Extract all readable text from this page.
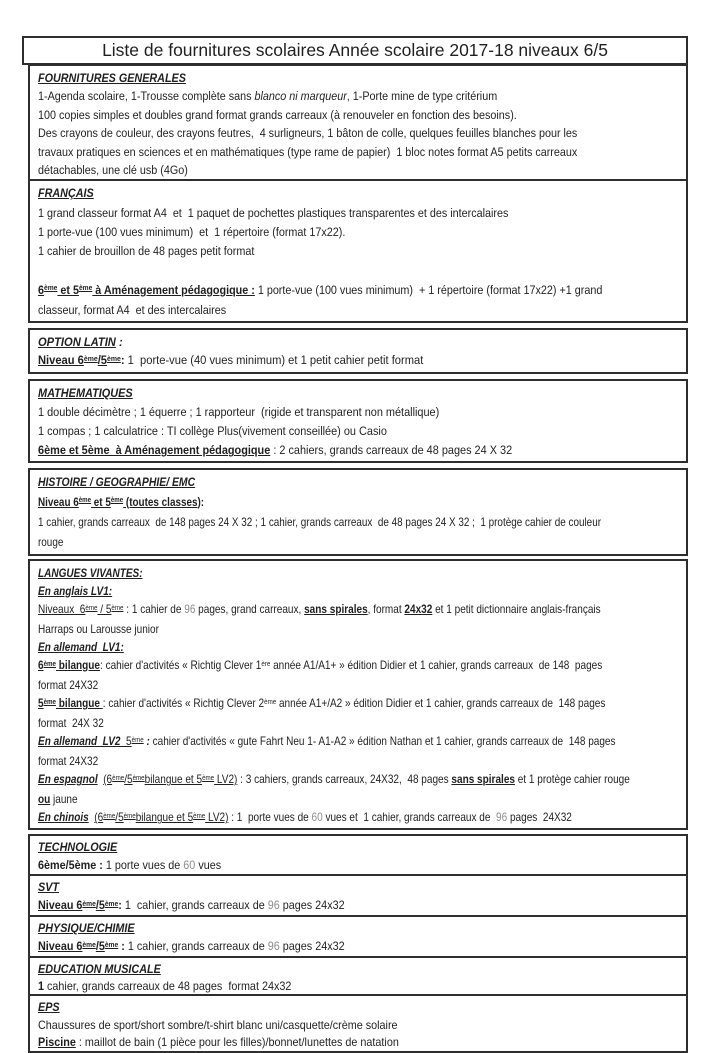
Liste de fournitures scolaires Année scolaire 2017-18 niveaux 6/5
FOURNITURES GENERALES
1-Agenda scolaire, 1-Trousse complète sans blanco ni marqueur, 1-Porte mine de type critérium
100 copies simples et doubles grand format grands carreaux (à renouveler en fonction des besoins).
Des crayons de couleur, des crayons feutres,  4 surligneurs, 1 bâton de colle, quelques feuilles blanches pour les
travaux pratiques en sciences et en mathématiques (type rame de papier)  1 bloc notes format A5 petits carreaux
détachables, une clé usb (4Go)
FRANÇAIS
1 grand classeur format A4  et  1 paquet de pochettes plastiques transparentes et des intercalaires
1 porte-vue (100 vues minimum)  et  1 répertoire (format 17x22).
1 cahier de brouillon de 48 pages petit format

6ème et 5ème à Aménagement pédagogique : 1 porte-vue (100 vues minimum)  + 1 répertoire (format 17x22) +1 grand
classeur, format A4  et des intercalaires
OPTION LATIN :
Niveau 6ème/5ème: 1  porte-vue (40 vues minimum) et 1 petit cahier petit format
MATHEMATIQUES
1 double décimètre ; 1 équerre ; 1 rapporteur  (rigide et transparent non métallique)
1 compas ; 1 calculatrice : TI collège Plus(vivement conseillée) ou Casio
6ème et 5ème  à Aménagement pédagogique : 2 cahiers, grands carreaux de 48 pages 24 X 32
HISTOIRE / GEOGRAPHIE/ EMC
Niveau 6ème et 5ème (toutes classes):
1 cahier, grands carreaux  de 148 pages 24 X 32 ; 1 cahier, grands carreaux  de 48 pages 24 X 32 ;  1 protège cahier de couleur
rouge
LANGUES VIVANTES:
En anglais LV1:
Niveaux  6ème / 5ème : 1 cahier de 96 pages, grand carreaux, sans spirales, format 24x32 et 1 petit dictionnaire anglais-français
Harraps ou Larousse junior
En allemand  LV1:
6ème bilangue: cahier d'activités « Richtig Clever 1ère année A1/A1+ » édition Didier et 1 cahier, grands carreaux  de 148  pages
format 24X32
5ème bilangue : cahier d'activités « Richtig Clever 2ème année A1+/A2 » édition Didier et 1 cahier, grands carreaux de  148 pages
format  24X 32
En allemand  LV2  5ème : cahier d'activités « gute Fahrt Neu 1- A1-A2 » édition Nathan et 1 cahier, grands carreaux de  148 pages
format 24X32
En espagnol (6ème/5èmebilangue et 5ème LV2) : 3 cahiers, grands carreaux, 24X32,  48 pages sans spirales et 1 protège cahier rouge
ou jaune
En chinois (6ème/5èmebilangue et 5ème LV2) : 1  porte vues de 60 vues et  1 cahier, grands carreaux de  96 pages  24X32
TECHNOLOGIE
6ème/5ème : 1 porte vues de 60 vues
SVT
Niveau 6ème/5ème: 1  cahier, grands carreaux de 96 pages 24x32
PHYSIQUE/CHIMIE
Niveau 6ème/5ème : 1 cahier, grands carreaux de 96 pages 24x32
EDUCATION MUSICALE
1 cahier, grands carreaux de 48 pages  format 24x32
EPS
Chaussures de sport/short sombre/t-shirt blanc uni/casquette/crème solaire
Piscine : maillot de bain (1 pièce pour les filles)/bonnet/lunettes de natation
